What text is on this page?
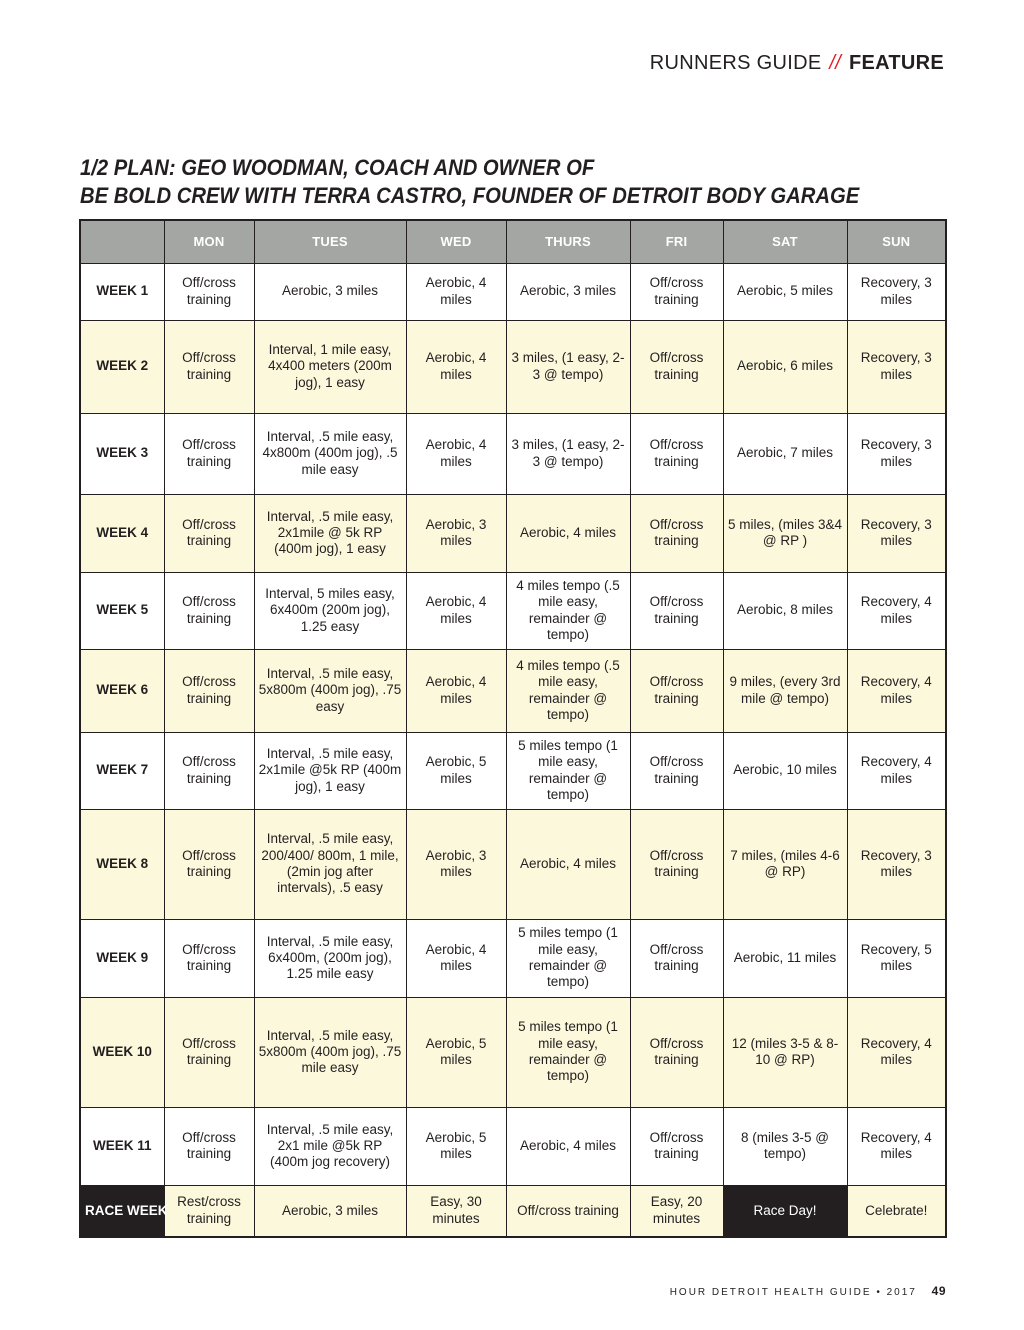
RUNNERS GUIDE // FEATURE
1/2 PLAN: GEO WOODMAN, COACH AND OWNER OF
BE BOLD CREW WITH TERRA CASTRO, FOUNDER OF DETROIT BODY GARAGE
	MON	TUES	WED	THURS	FRI	SAT	SUN
WEEK 1	Off/cross training	Aerobic, 3 miles	Aerobic, 4 miles	Aerobic, 3 miles	Off/cross training	Aerobic, 5 miles	Recovery, 3 miles
WEEK 2	Off/cross training	Interval, 1 mile easy, 4x400 meters (200m jog), 1 easy	Aerobic, 4 miles	3 miles, (1 easy, 2-3 @ tempo)	Off/cross training	Aerobic, 6 miles	Recovery, 3 miles
WEEK 3	Off/cross training	Interval, .5 mile easy, 4x800m (400m jog), .5 mile easy	Aerobic, 4 miles	3 miles, (1 easy, 2-3 @ tempo)	Off/cross training	Aerobic, 7 miles	Recovery, 3 miles
WEEK 4	Off/cross training	Interval, .5 mile easy, 2x1mile @ 5k RP (400m jog), 1 easy	Aerobic, 3 miles	Aerobic, 4 miles	Off/cross training	5 miles, (miles 3&4 @ RP )	Recovery, 3 miles
WEEK 5	Off/cross training	Interval, 5 miles easy, 6x400m (200m jog), 1.25 easy	Aerobic, 4 miles	4 miles tempo (.5 mile easy, remainder @ tempo)	Off/cross training	Aerobic, 8 miles	Recovery, 4 miles
WEEK 6	Off/cross training	Interval, .5 mile easy, 5x800m (400m jog), .75 easy	Aerobic, 4 miles	4 miles tempo (.5 mile easy, remainder @ tempo)	Off/cross training	9 miles, (every 3rd mile @ tempo)	Recovery, 4 miles
WEEK 7	Off/cross training	Interval, .5 mile easy, 2x1mile @5k RP (400m jog), 1 easy	Aerobic, 5 miles	5 miles tempo (1 mile easy, remainder @ tempo)	Off/cross training	Aerobic, 10 miles	Recovery, 4 miles
WEEK 8	Off/cross training	Interval, .5 mile easy, 200/400/ 800m, 1 mile, (2min jog after intervals), .5 easy	Aerobic, 3 miles	Aerobic, 4 miles	Off/cross training	7 miles, (miles 4-6 @ RP)	Recovery, 3 miles
WEEK 9	Off/cross training	Interval, .5 mile easy, 6x400m, (200m jog), 1.25 mile easy	Aerobic, 4 miles	5 miles tempo (1 mile easy, remainder @ tempo)	Off/cross training	Aerobic, 11 miles	Recovery, 5 miles
WEEK 10	Off/cross training	Interval, .5 mile easy, 5x800m (400m jog), .75 mile easy	Aerobic, 5 miles	5 miles tempo (1 mile easy, remainder @ tempo)	Off/cross training	12 (miles 3-5 & 8-10 @ RP)	Recovery, 4 miles
WEEK 11	Off/cross training	Interval, .5 mile easy, 2x1 mile @5k RP (400m jog recovery)	Aerobic, 5 miles	Aerobic, 4 miles	Off/cross training	8 (miles 3-5 @ tempo)	Recovery, 4 miles
RACE WEEK	Rest/cross training	Aerobic, 3 miles	Easy, 30 minutes	Off/cross training	Easy, 20 minutes	Race Day!	Celebrate!
HOUR DETROIT HEALTH GUIDE • 2017 49
